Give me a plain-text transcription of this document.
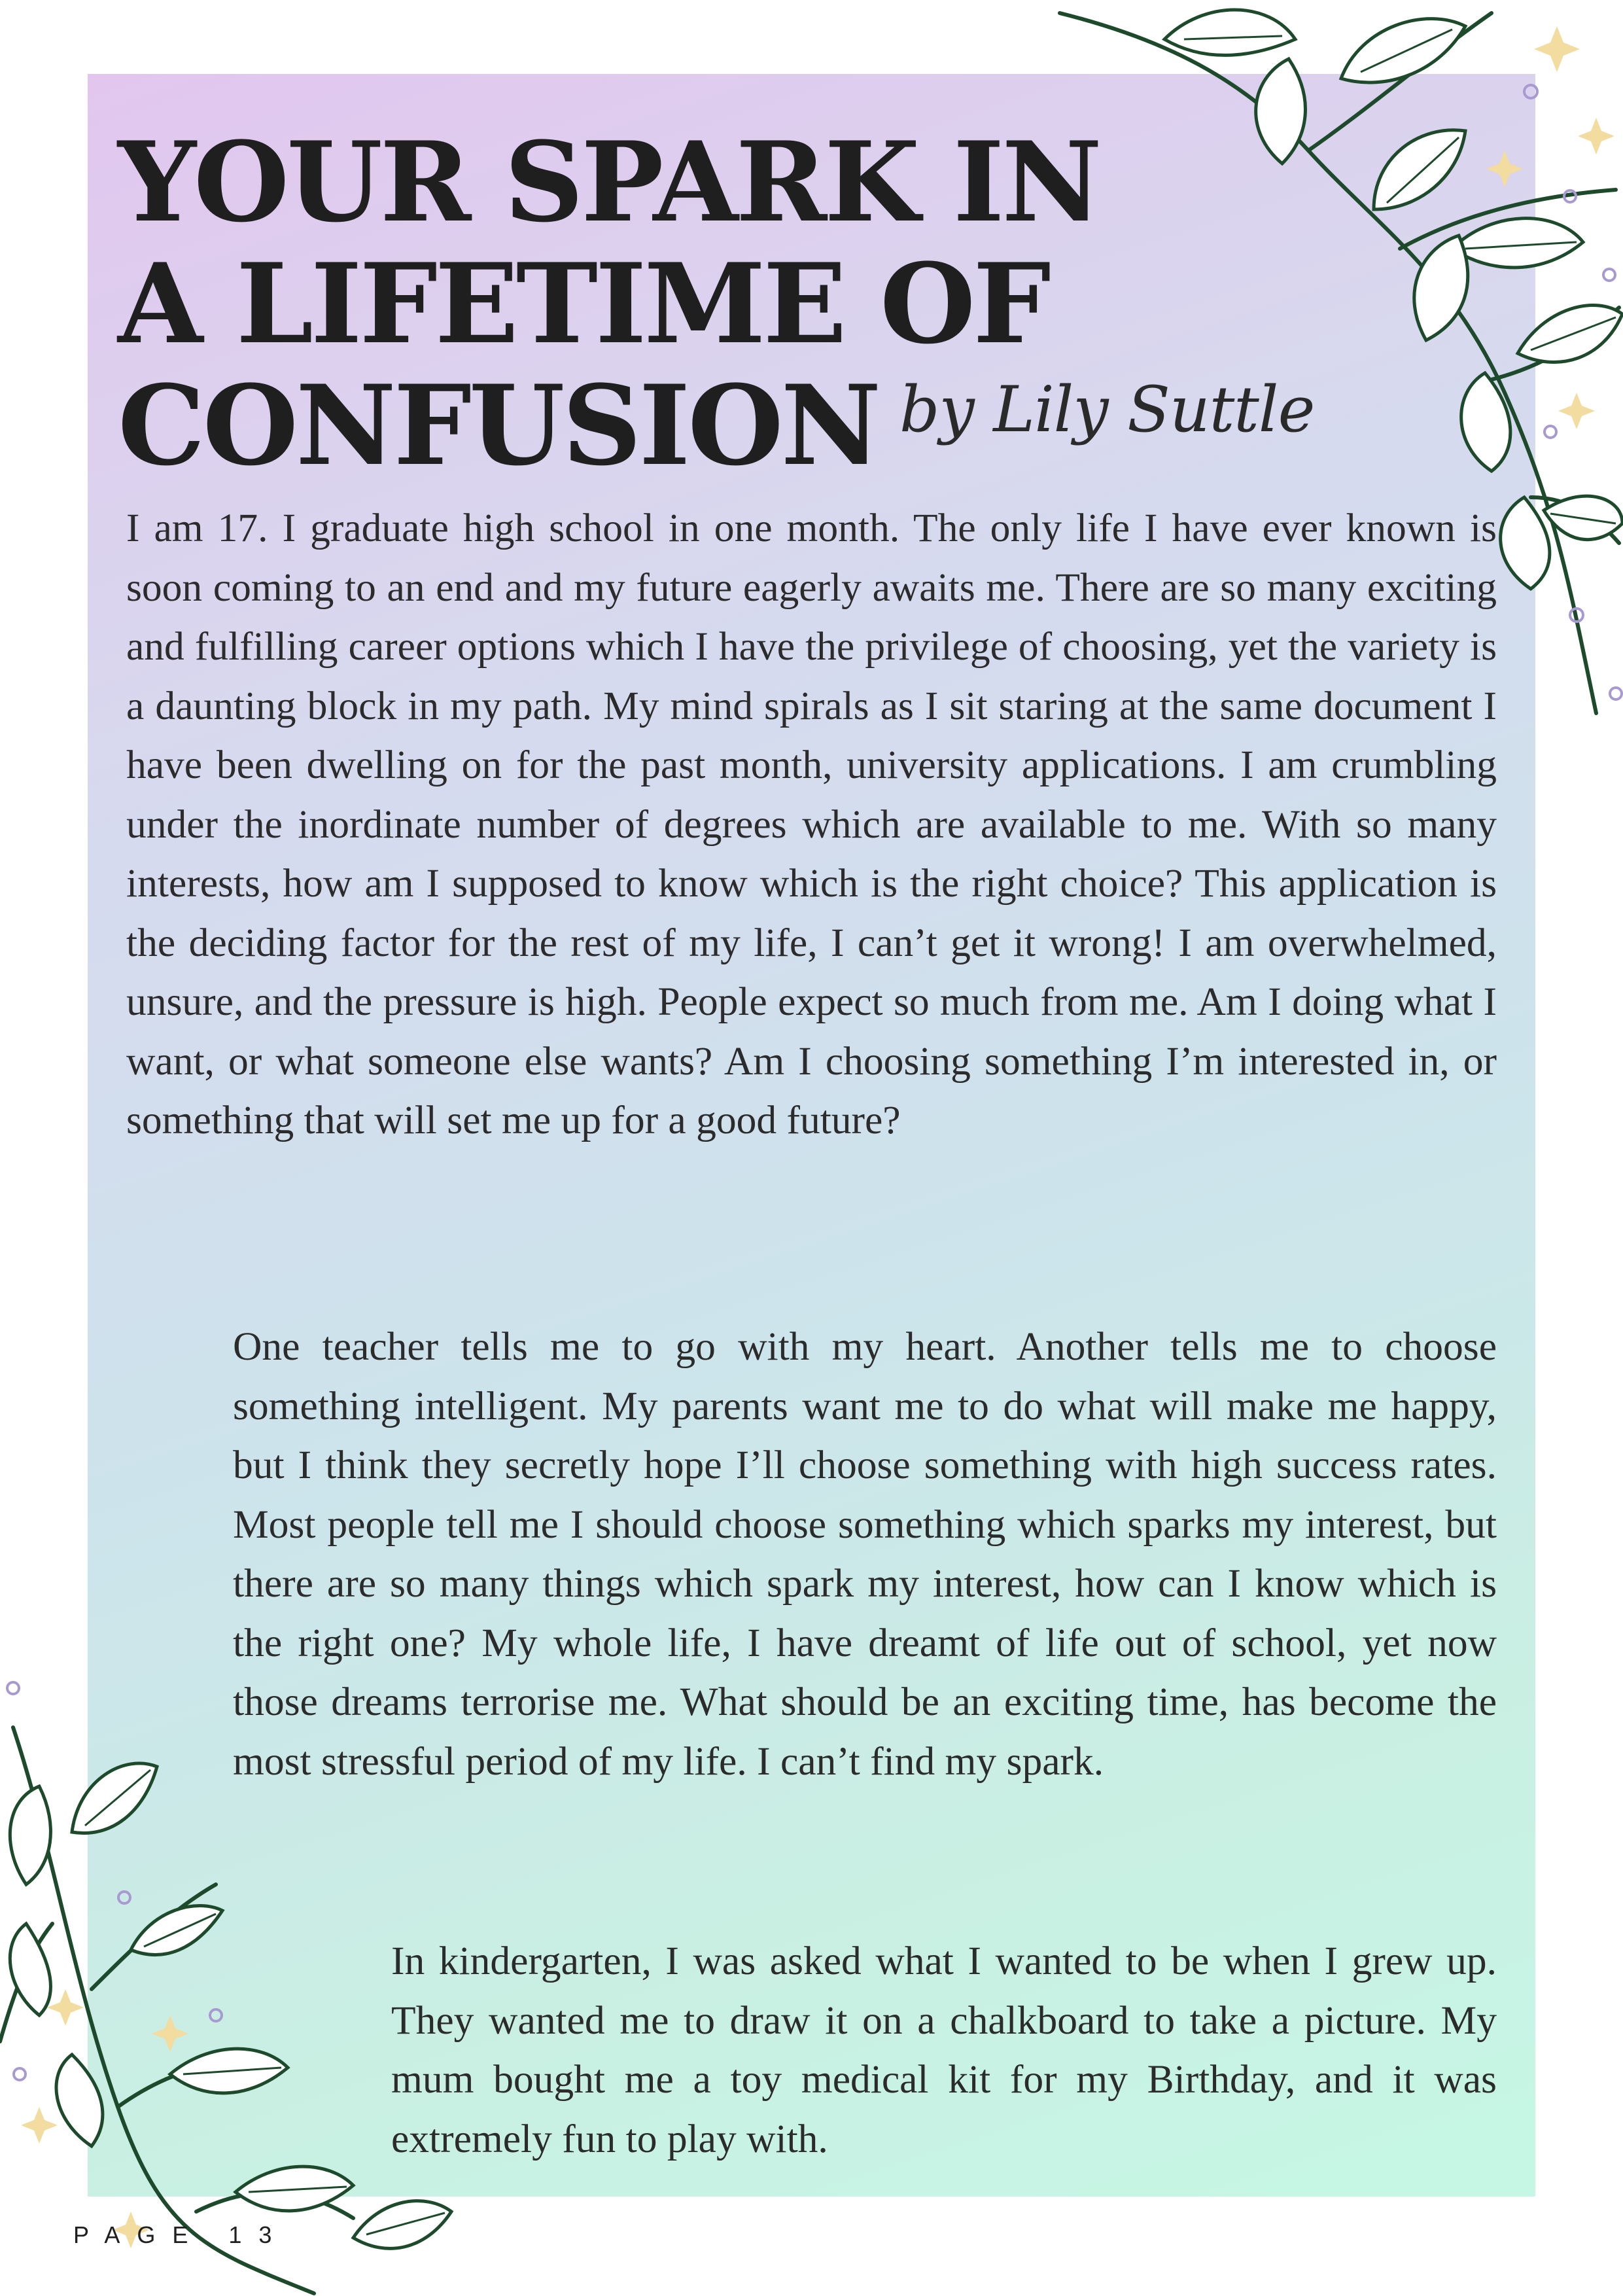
YOUR SPARK IN
A LIFETIME OF
CONFUSION by Lily Suttle

I am 17. I graduate high school in one month. The only life I have ever known is soon coming to an end and my future eagerly awaits me. There are so many exciting and fulfilling career options which I have the privilege of choosing, yet the variety is a daunting block in my path. My mind spirals as I sit staring at the same document I have been dwelling on for the past month, university applications. I am crumbling under the inordinate number of degrees which are available to me. With so many interests, how am I supposed to know which is the right choice? This application is the deciding factor for the rest of my life, I can’t get it wrong! I am overwhelmed, unsure, and the pressure is high. People expect so much from me. Am I doing what I want, or what someone else wants? Am I choosing something I’m interested in, or something that will set me up for a good future?

One teacher tells me to go with my heart. Another tells me to choose something intelligent. My parents want me to do what will make me happy, but I think they secretly hope I’ll choose something with high success rates. Most people tell me I should choose something which sparks my interest, but there are so many things which spark my interest, how can I know which is the right one? My whole life, I have dreamt of life out of school, yet now those dreams terrorise me. What should be an exciting time, has become the most stressful period of my life. I can’t find my spark.

In kindergarten, I was asked what I wanted to be when I grew up. They wanted me to draw it on a chalkboard to take a picture. My mum bought me a toy medical kit for my Birthday, and it was extremely fun to play with.

PAGE 13
